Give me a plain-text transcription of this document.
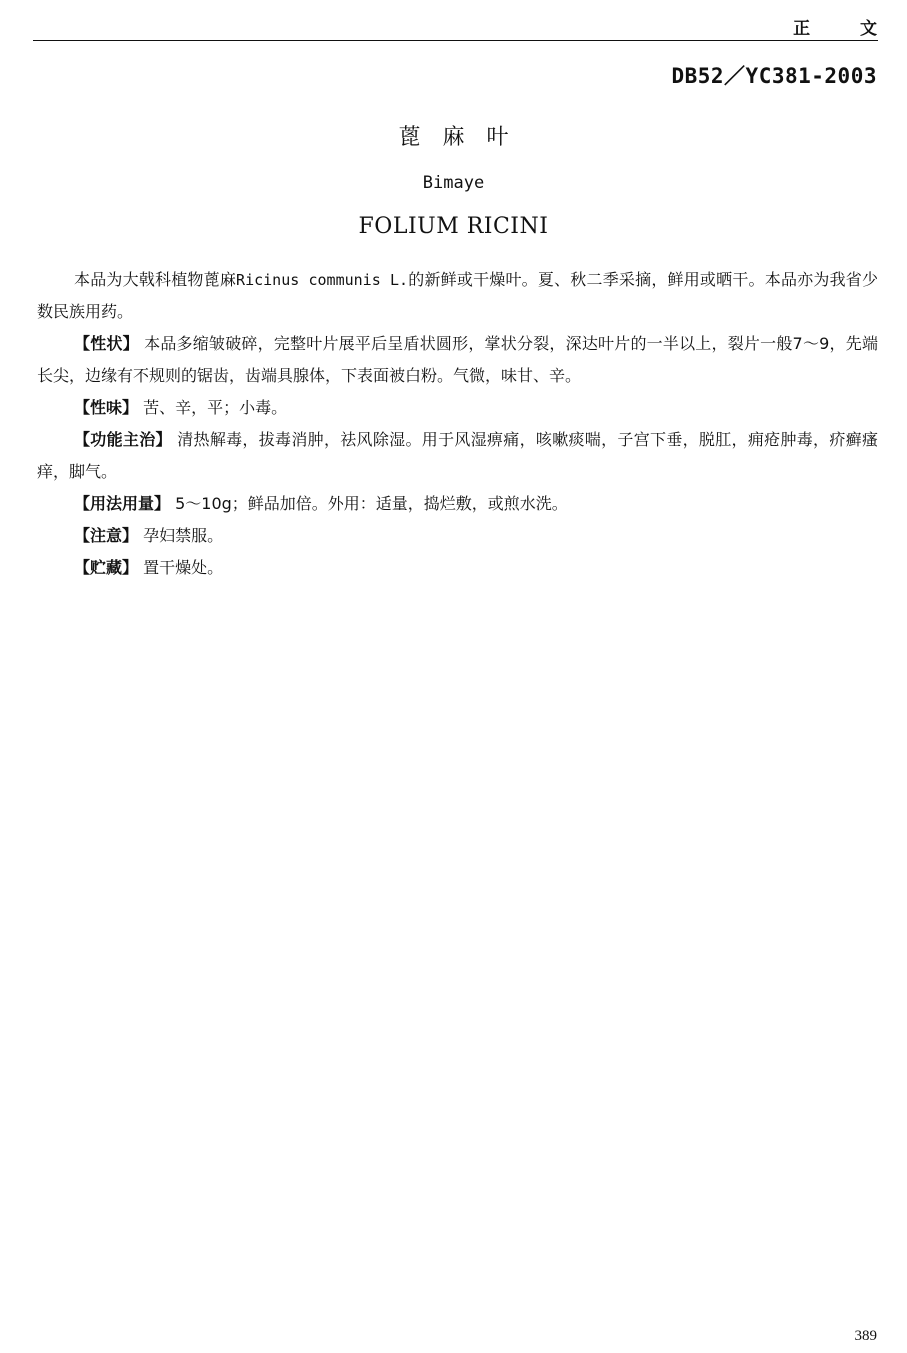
正 文
DB52／YC381-2003
蓖麻叶
Bimaye
FOLIUM RICINI

本品为大戟科植物蓖麻Ricinus communis L.的新鲜或干燥叶。夏、秋二季采摘，鲜用或晒干。本品亦为我省少数民族用药。

【性状】 本品多缩皱破碎，完整叶片展平后呈盾状圆形，掌状分裂，深达叶片的一半以上，裂片一般7～9，先端长尖，边缘有不规则的锯齿，齿端具腺体，下表面被白粉。气微，味甘、辛。

【性味】 苦、辛，平；小毒。

【功能主治】 清热解毒，拔毒消肿，祛风除湿。用于风湿痹痛，咳嗽痰喘，子宫下垂，脱肛，痈疮肿毒，疥癣瘙痒，脚气。

【用法用量】 5～10g；鲜品加倍。外用：适量，捣烂敷，或煎水洗。

【注意】 孕妇禁服。

【贮藏】 置干燥处。

389
